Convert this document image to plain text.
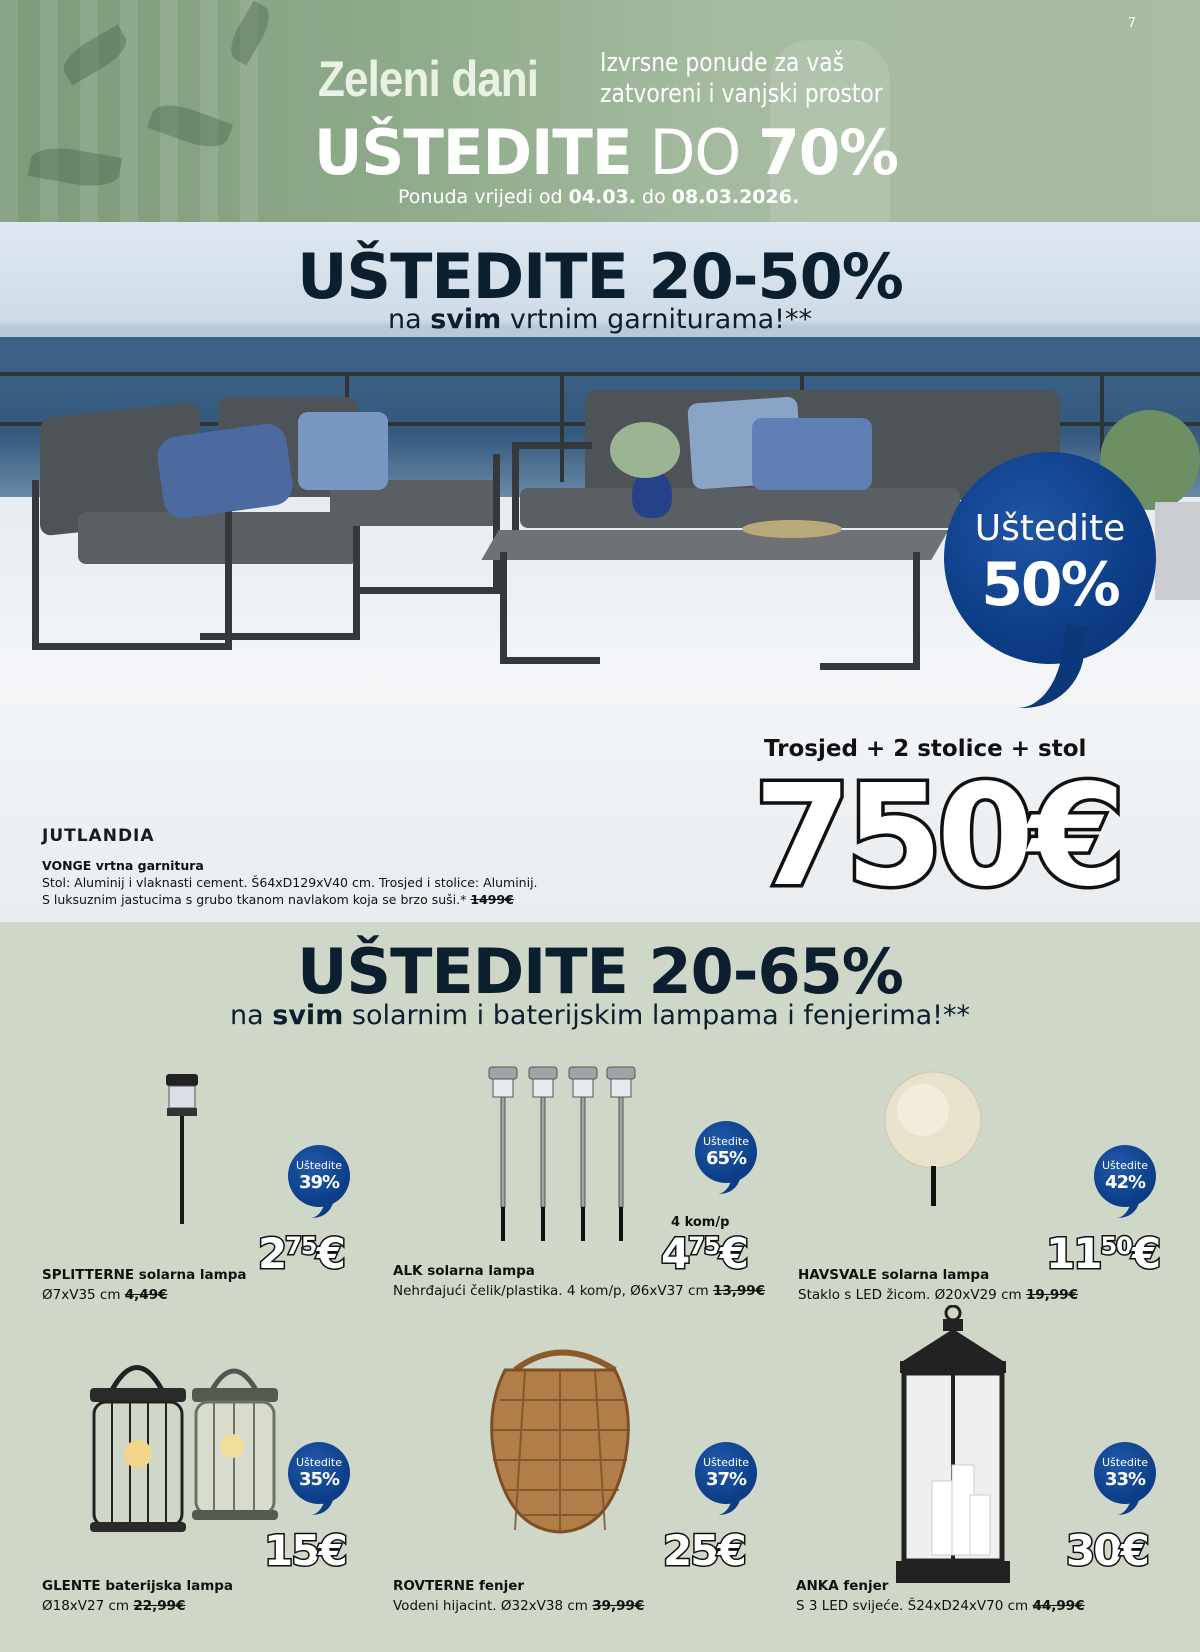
7
Zeleni dani Izvrsne ponude za vaš
zatvoreni i vanjski prostor
UŠTEDITE DO 70%
Ponuda vrijedi od 04.03. do 08.03.2026.
UŠTEDITE 20-50%
na svim vrtnim garniturama!**
Uštedite
50%
Trosjed + 2 stolice + stol
750€
JUTLANDIA
VONGE vrtna garnitura
Stol: Aluminij i vlaknasti cement. Š64xD129xV40 cm. Trosjed i stolice: Aluminij.
S luksuznim jastucima s grubo tkanom navlakom koja se brzo suši.* 1499€
UŠTEDITE 20-65%
na svim solarnim i baterijskim lampama i fenjerima!**
Uštedite
39%
$2^{75}€$
SPLITTERNE solarna lampa
Ø7xV35 cm 4,49€
Uštedite
65%
4 kom/p
$4^{75}€$
ALK solarna lampa
Nehrđajući čelik/plastika. 4 kom/p, Ø6xV37 cm 13,99€
Uštedite
42%
$11^{50}€$
HAVSVALE solarna lampa
Staklo s LED žicom. Ø20xV29 cm 19,99€
Uštedite
35%
15€
GLENTE baterijska lampa
Ø18xV27 cm 22,99€
Uštedite
37%
25€
ROVTERNE fenjer
Vodeni hijacint. Ø32xV38 cm 39,99€
Uštedite
33%
30€
ANKA fenjer
S 3 LED svijeće. Š24xD24xV70 cm 44,99€
